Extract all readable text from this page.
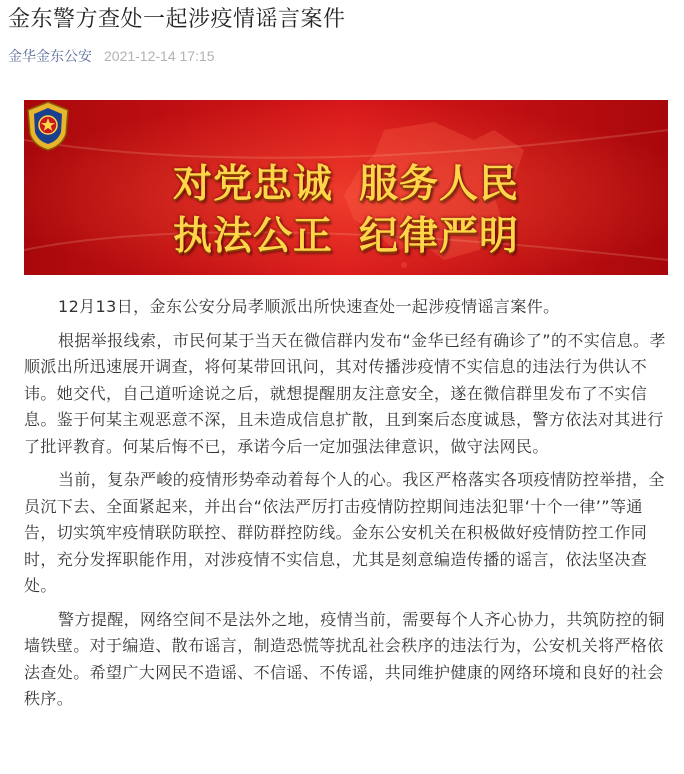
金东警方查处一起涉疫情谣言案件
金华金东公安 2021-12-14 17:15
对党忠诚 服务人民
执法公正 纪律严明

12月13日，金东公安分局孝顺派出所快速查处一起涉疫情谣言案件。

根据举报线索，市民何某于当天在微信群内发布“金华已经有确诊了”的不实信息。孝顺派出所迅速展开调查，将何某带回讯问，其对传播涉疫情不实信息的违法行为供认不讳。她交代，自己道听途说之后，就想提醒朋友注意安全，遂在微信群里发布了不实信息。鉴于何某主观恶意不深，且未造成信息扩散，且到案后态度诚恳，警方依法对其进行了批评教育。何某后悔不已，承诺今后一定加强法律意识，做守法网民。

当前，复杂严峻的疫情形势牵动着每个人的心。我区严格落实各项疫情防控举措，全员沉下去、全面紧起来，并出台“依法严厉打击疫情防控期间违法犯罪‘十个一律’”等通告，切实筑牢疫情联防联控、群防群控防线。金东公安机关在积极做好疫情防控工作同时，充分发挥职能作用，对涉疫情不实信息，尤其是刻意编造传播的谣言，依法坚决查处。

警方提醒，网络空间不是法外之地，疫情当前，需要每个人齐心协力，共筑防控的铜墙铁壁。对于编造、散布谣言，制造恐慌等扰乱社会秩序的违法行为，公安机关将严格依法查处。希望广大网民不造谣、不信谣、不传谣，共同维护健康的网络环境和良好的社会秩序。
